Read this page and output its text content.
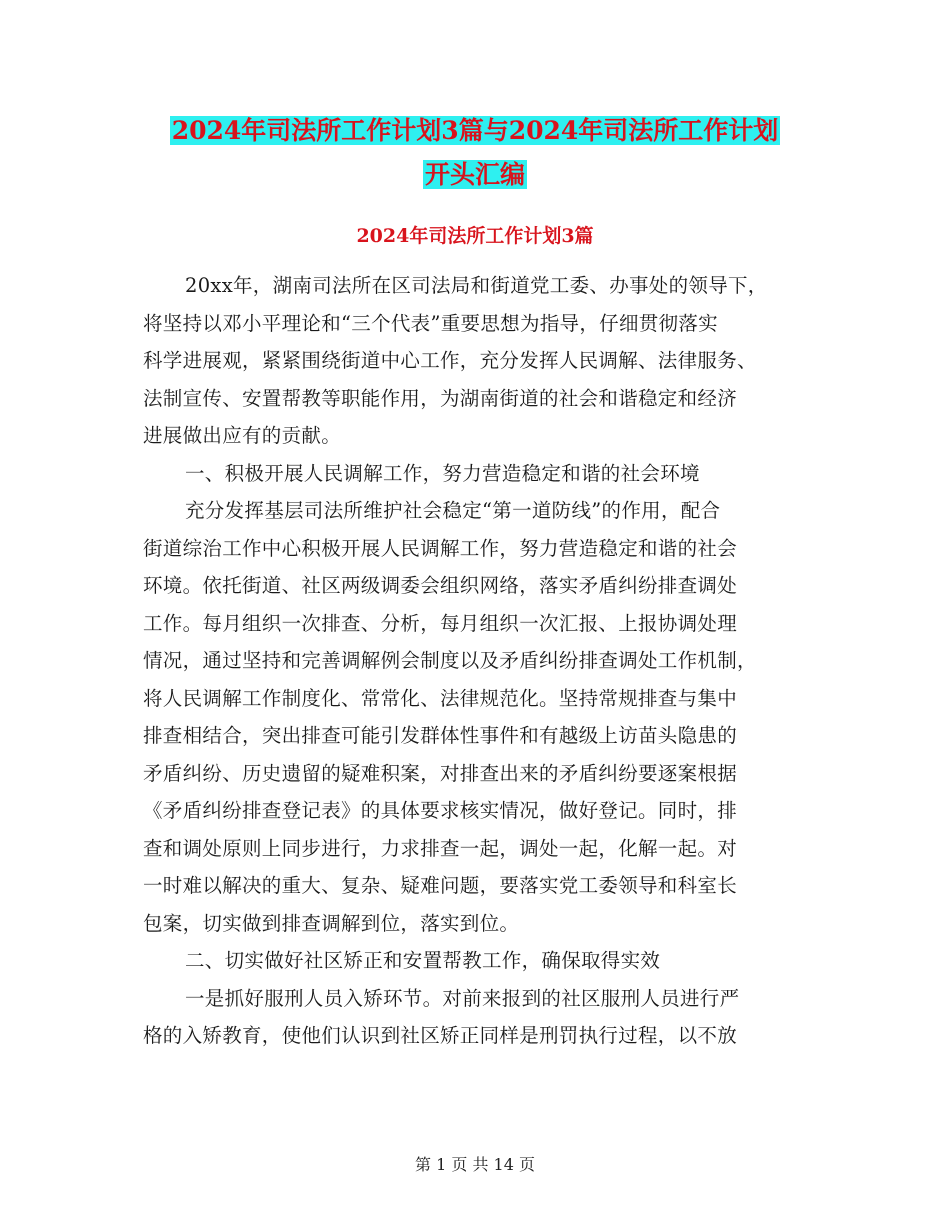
2024年司法所工作计划3篇与2024年司法所工作计划
开头汇编
2024年司法所工作计划3篇
20xx年，湖南司法所在区司法局和街道党工委、办事处的领导下，
将坚持以邓小平理论和“三个代表”重要思想为指导，仔细贯彻落实
科学进展观，紧紧围绕街道中心工作，充分发挥人民调解、法律服务、
法制宣传、安置帮教等职能作用，为湖南街道的社会和谐稳定和经济
进展做出应有的贡献。
一、积极开展人民调解工作，努力营造稳定和谐的社会环境
充分发挥基层司法所维护社会稳定“第一道防线”的作用，配合
街道综治工作中心积极开展人民调解工作，努力营造稳定和谐的社会
环境。依托街道、社区两级调委会组织网络，落实矛盾纠纷排查调处
工作。每月组织一次排查、分析，每月组织一次汇报、上报协调处理
情况，通过坚持和完善调解例会制度以及矛盾纠纷排查调处工作机制，
将人民调解工作制度化、常常化、法律规范化。坚持常规排查与集中
排查相结合，突出排查可能引发群体性事件和有越级上访苗头隐患的
矛盾纠纷、历史遗留的疑难积案，对排查出来的矛盾纠纷要逐案根据
《矛盾纠纷排查登记表》的具体要求核实情况，做好登记。同时，排
查和调处原则上同步进行，力求排查一起，调处一起，化解一起。对
一时难以解决的重大、复杂、疑难问题，要落实党工委领导和科室长
包案，切实做到排查调解到位，落实到位。
二、切实做好社区矫正和安置帮教工作，确保取得实效
一是抓好服刑人员入矫环节。对前来报到的社区服刑人员进行严
格的入矫教育，使他们认识到社区矫正同样是刑罚执行过程，以不放
第 1 页 共 14 页
